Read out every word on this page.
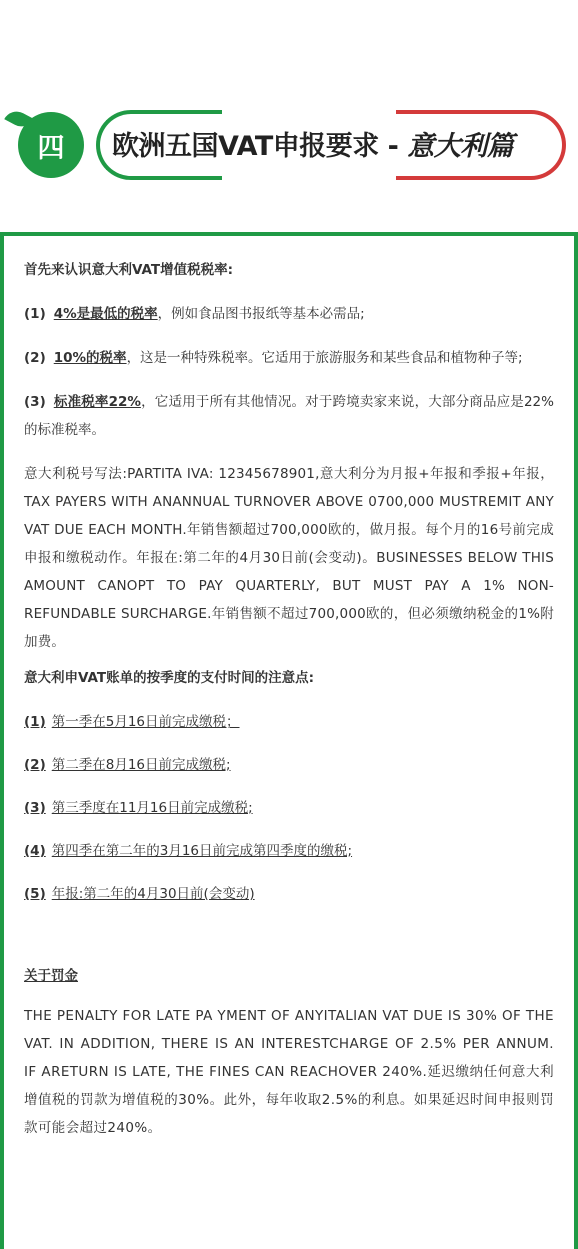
四 欧洲五国VAT申报要求 - 意大利篇

首先来认识意大利VAT增值税税率:

(1) 4%是最低的税率，例如食品图书报纸等基本必需品;

(2) 10%的税率，这是一种特殊税率。它适用于旅游服务和某些食品和植物种子等;

(3) 标准税率22%，它适用于所有其他情况。对于跨境卖家来说，大部分商品应是22%的标准税率。

意大利税号写法:PARTITA IVA: 12345678901,意大利分为月报+年报和季报+年报，TAX PAYERS WITH ANANNUAL TURNOVER ABOVE 0700,000 MUSTREMIT ANY VAT DUE EACH MONTH.年销售额超过700,000欧的，做月报。每个月的16号前完成申报和缴税动作。年报在:第二年的4月30日前(会变动)。BUSINESSES BELOW THIS AMOUNT CANOPT TO PAY QUARTERLY, BUT MUST PAY A 1% NON-REFUNDABLE SURCHARGE.年销售额不超过700,000欧的，但必须缴纳税金的1%附加费。

意大利申VAT账单的按季度的支付时间的注意点:

(1) 第一季在5月16日前完成缴税；

(2) 第二季在8月16日前完成缴税;

(3) 第三季度在11月16日前完成缴税;

(4) 第四季在第二年的3月16日前完成第四季度的缴税;

(5) 年报:第二年的4月30日前(会变动)

关于罚金

THE PENALTY FOR LATE PA YMENT OF ANYITALIAN VAT DUE IS 30% OF THE VAT. IN ADDITION, THERE IS AN INTERESTCHARGE OF 2.5% PER ANNUM. IF ARETURN IS LATE, THE FINES CAN REACHOVER 240%.延迟缴纳任何意大利增值税的罚款为增值税的30%。此外，每年收取2.5%的利息。如果延迟时间申报则罚款可能会超过240%。
